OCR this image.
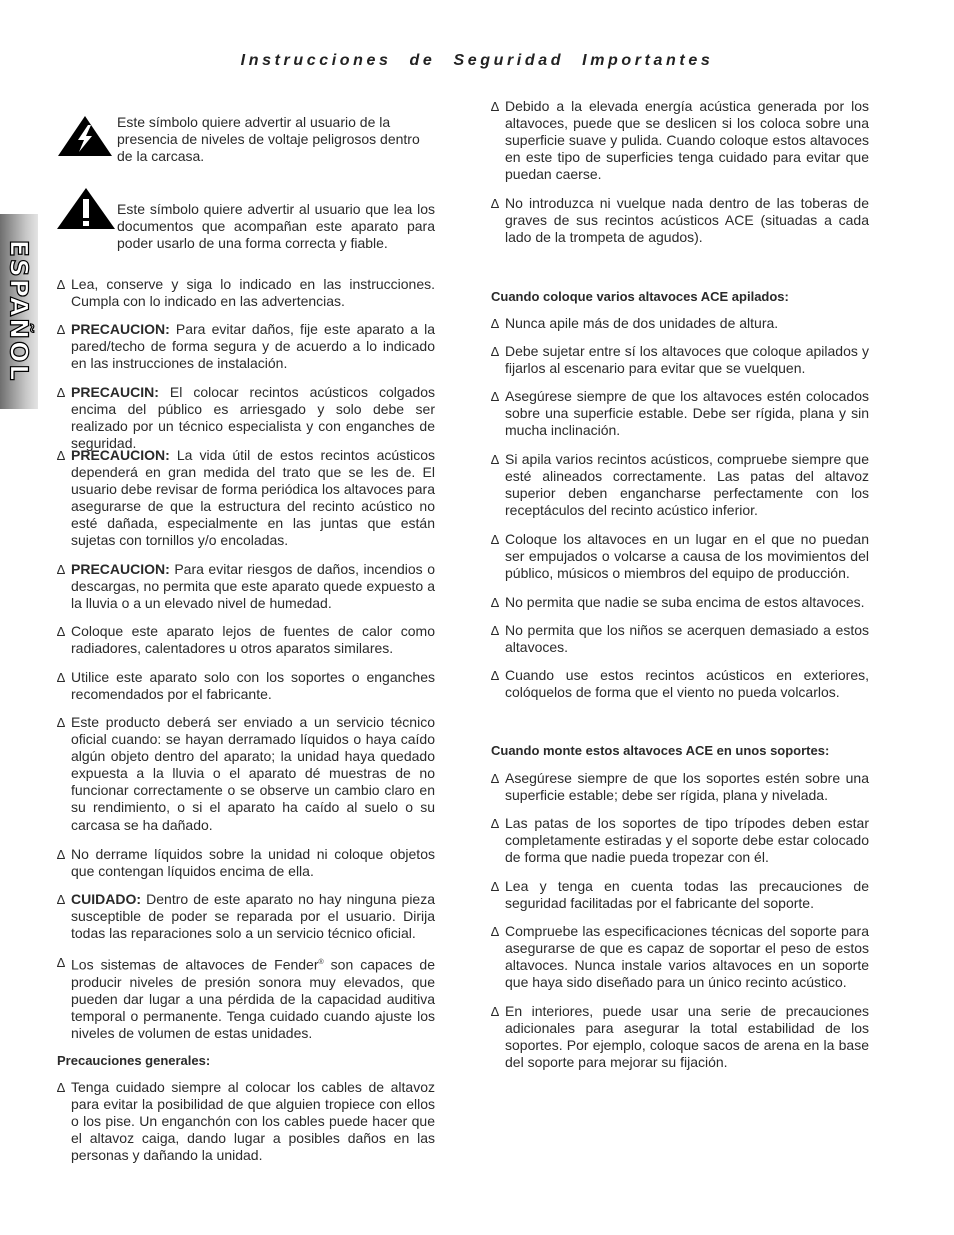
Instrucciones de Seguridad Importantes
ESPAÑOL
Este símbolo quiere advertir al usuario de la presencia de niveles de voltaje peligrosos dentro de la carcasa.
Este símbolo quiere advertir al usuario que lea los documentos que acompañan este aparato para poder usarlo de una forma correcta y fiable.
∆ Lea, conserve y siga lo indicado en las instrucciones. Cumpla con lo indicado en las advertencias.
∆ PRECAUCION: Para evitar daños, fije este aparato a la pared/techo de forma segura y de acuerdo a lo indicado en las instrucciones de instalación.
∆ PRECAUCIN: El colocar recintos acústicos colgados encima del público es arriesgado y solo debe ser realizado por un técnico especialista y con enganches de seguridad.
∆ PRECAUCION: La vida útil de estos recintos acústicos dependerá en gran medida del trato que se les de. El usuario debe revisar de forma periódica los altavoces para asegurarse de que la estructura del recinto acústico no esté dañada, especialmente en las juntas que están sujetas con tornillos y/o encoladas.
∆ PRECAUCION: Para evitar riesgos de daños, incendios o descargas, no permita que este aparato quede expuesto a la lluvia o a un elevado nivel de humedad.
∆ Coloque este aparato lejos de fuentes de calor como radiadores, calentadores u otros aparatos similares.
∆ Utilice este aparato solo con los soportes o enganches recomendados por el fabricante.
∆ Este producto deberá ser enviado a un servicio técnico oficial cuando: se hayan derramado líquidos o haya caído algún objeto dentro del aparato; la unidad haya quedado expuesta a la lluvia o el aparato dé muestras de no funcionar correctamente o se observe un cambio claro en su rendimiento, o si el aparato ha caído al suelo o su carcasa se ha dañado.
∆ No derrame líquidos sobre la unidad ni coloque objetos que contengan líquidos encima de ella.
∆ CUIDADO: Dentro de este aparato no hay ninguna pieza susceptible de poder se reparada por el usuario. Dirija todas las reparaciones solo a un servicio técnico oficial.
∆ Los sistemas de altavoces de Fender® son capaces de producir niveles de presión sonora muy elevados, que pueden dar lugar a una pérdida de la capacidad auditiva temporal o permanente. Tenga cuidado cuando ajuste los niveles de volumen de estas unidades.
Precauciones generales:
∆ Tenga cuidado siempre al colocar los cables de altavoz para evitar la posibilidad de que alguien tropiece con ellos o los pise. Un enganchón con los cables puede hacer que el altavoz caiga, dando lugar a posibles daños en las personas y dañando la unidad.
∆ Debido a la elevada energía acústica generada por los altavoces, puede que se deslicen si los coloca sobre una superficie suave y pulida. Cuando coloque estos altavoces en este tipo de superficies tenga cuidado para evitar que puedan caerse.
∆ No introduzca ni vuelque nada dentro de las toberas de graves de sus recintos acústicos ACE (situadas a cada lado de la trompeta de agudos).
Cuando coloque varios altavoces ACE apilados:
∆ Nunca apile más de dos unidades de altura.
∆ Debe sujetar entre sí los altavoces que coloque apilados y fijarlos al escenario para evitar que se vuelquen.
∆ Asegúrese siempre de que los altavoces estén colocados sobre una superficie estable. Debe ser rígida, plana y sin mucha inclinación.
∆ Si apila varios recintos acústicos, compruebe siempre que esté alineados correctamente. Las patas del altavoz superior deben engancharse perfectamente con los receptáculos del recinto acústico inferior.
∆ Coloque los altavoces en un lugar en el que no puedan ser empujados o volcarse a causa de los movimientos del público, músicos o miembros del equipo de producción.
∆ No permita que nadie se suba encima de estos altavoces.
∆ No permita que los niños se acerquen demasiado a estos altavoces.
∆ Cuando use estos recintos acústicos en exteriores, colóquelos de forma que el viento no pueda volcarlos.
Cuando monte estos altavoces ACE en unos soportes:
∆ Asegúrese siempre de que los soportes estén sobre una superficie estable; debe ser rígida, plana y nivelada.
∆ Las patas de los soportes de tipo trípodes deben estar completamente estiradas y el soporte debe estar colocado de forma que nadie pueda tropezar con él.
∆ Lea y tenga en cuenta todas las precauciones de seguridad facilitadas por el fabricante del soporte.
∆ Compruebe las especificaciones técnicas del soporte para asegurarse de que es capaz de soportar el peso de estos altavoces. Nunca instale varios altavoces en un soporte que haya sido diseñado para un único recinto acústico.
∆ En interiores, puede usar una serie de precauciones adicionales para asegurar la total estabilidad de los soportes. Por ejemplo, coloque sacos de arena en la base del soporte para mejorar su fijación.
